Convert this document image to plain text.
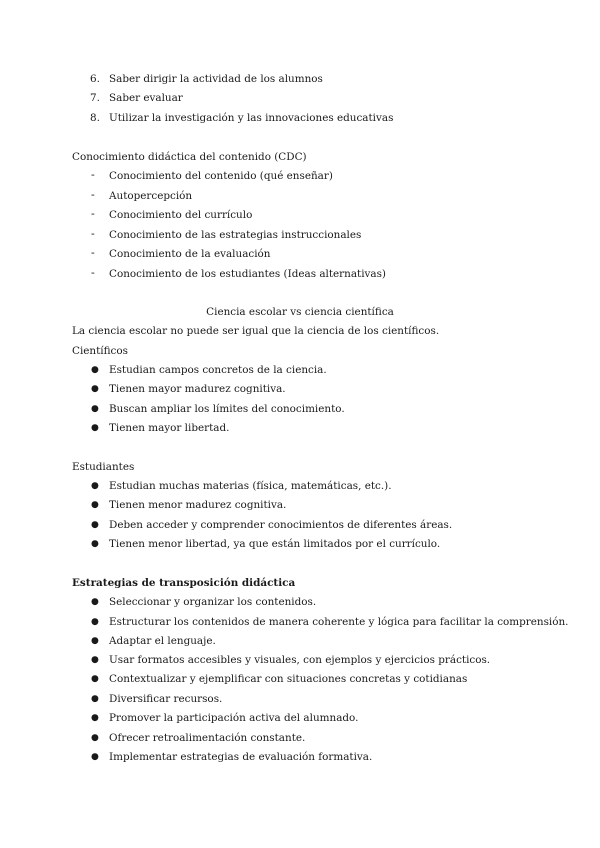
6. Saber dirigir la actividad de los alumnos
7. Saber evaluar
8. Utilizar la investigación y las innovaciones educativas
Conocimiento didáctica del contenido (CDC)
- Conocimiento del contenido (qué enseñar)
- Autopercepción
- Conocimiento del currículo
- Conocimiento de las estrategias instruccionales
- Conocimiento de la evaluación
- Conocimiento de los estudiantes (Ideas alternativas)
Ciencia escolar vs ciencia científica
La ciencia escolar no puede ser igual que la ciencia de los científicos.
Científicos
● Estudian campos concretos de la ciencia.
● Tienen mayor madurez cognitiva.
● Buscan ampliar los límites del conocimiento.
● Tienen mayor libertad.
Estudiantes
● Estudian muchas materias (física, matemáticas, etc.).
● Tienen menor madurez cognitiva.
● Deben acceder y comprender conocimientos de diferentes áreas.
● Tienen menor libertad, ya que están limitados por el currículo.
Estrategias de transposición didáctica
● Seleccionar y organizar los contenidos.
● Estructurar los contenidos de manera coherente y lógica para facilitar la comprensión.
● Adaptar el lenguaje.
● Usar formatos accesibles y visuales, con ejemplos y ejercicios prácticos.
● Contextualizar y ejemplificar con situaciones concretas y cotidianas
● Diversificar recursos.
● Promover la participación activa del alumnado.
● Ofrecer retroalimentación constante.
● Implementar estrategias de evaluación formativa.
